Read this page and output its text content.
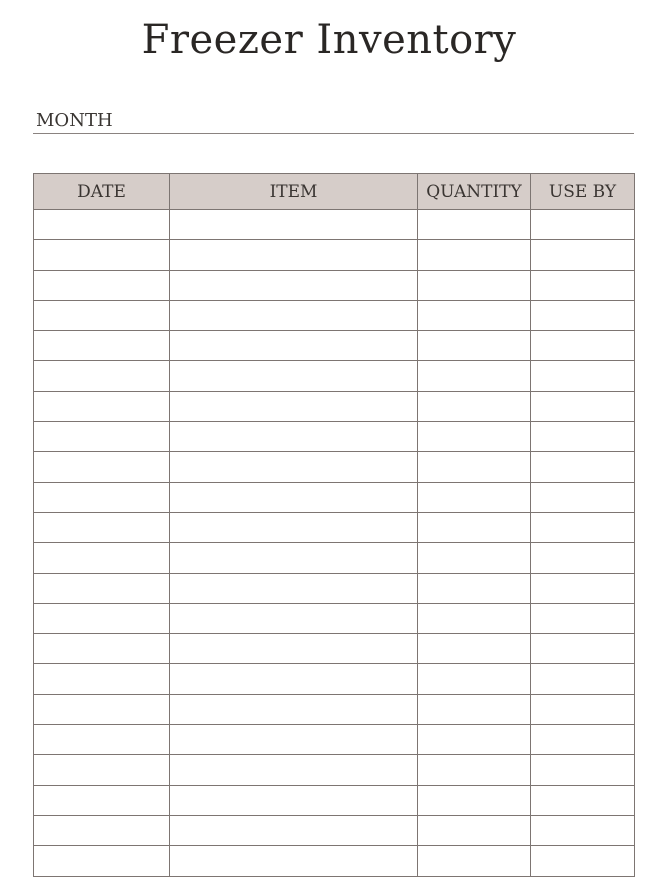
Freezer Inventory
MONTH
DATE	ITEM	QUANTITY	USE BY
